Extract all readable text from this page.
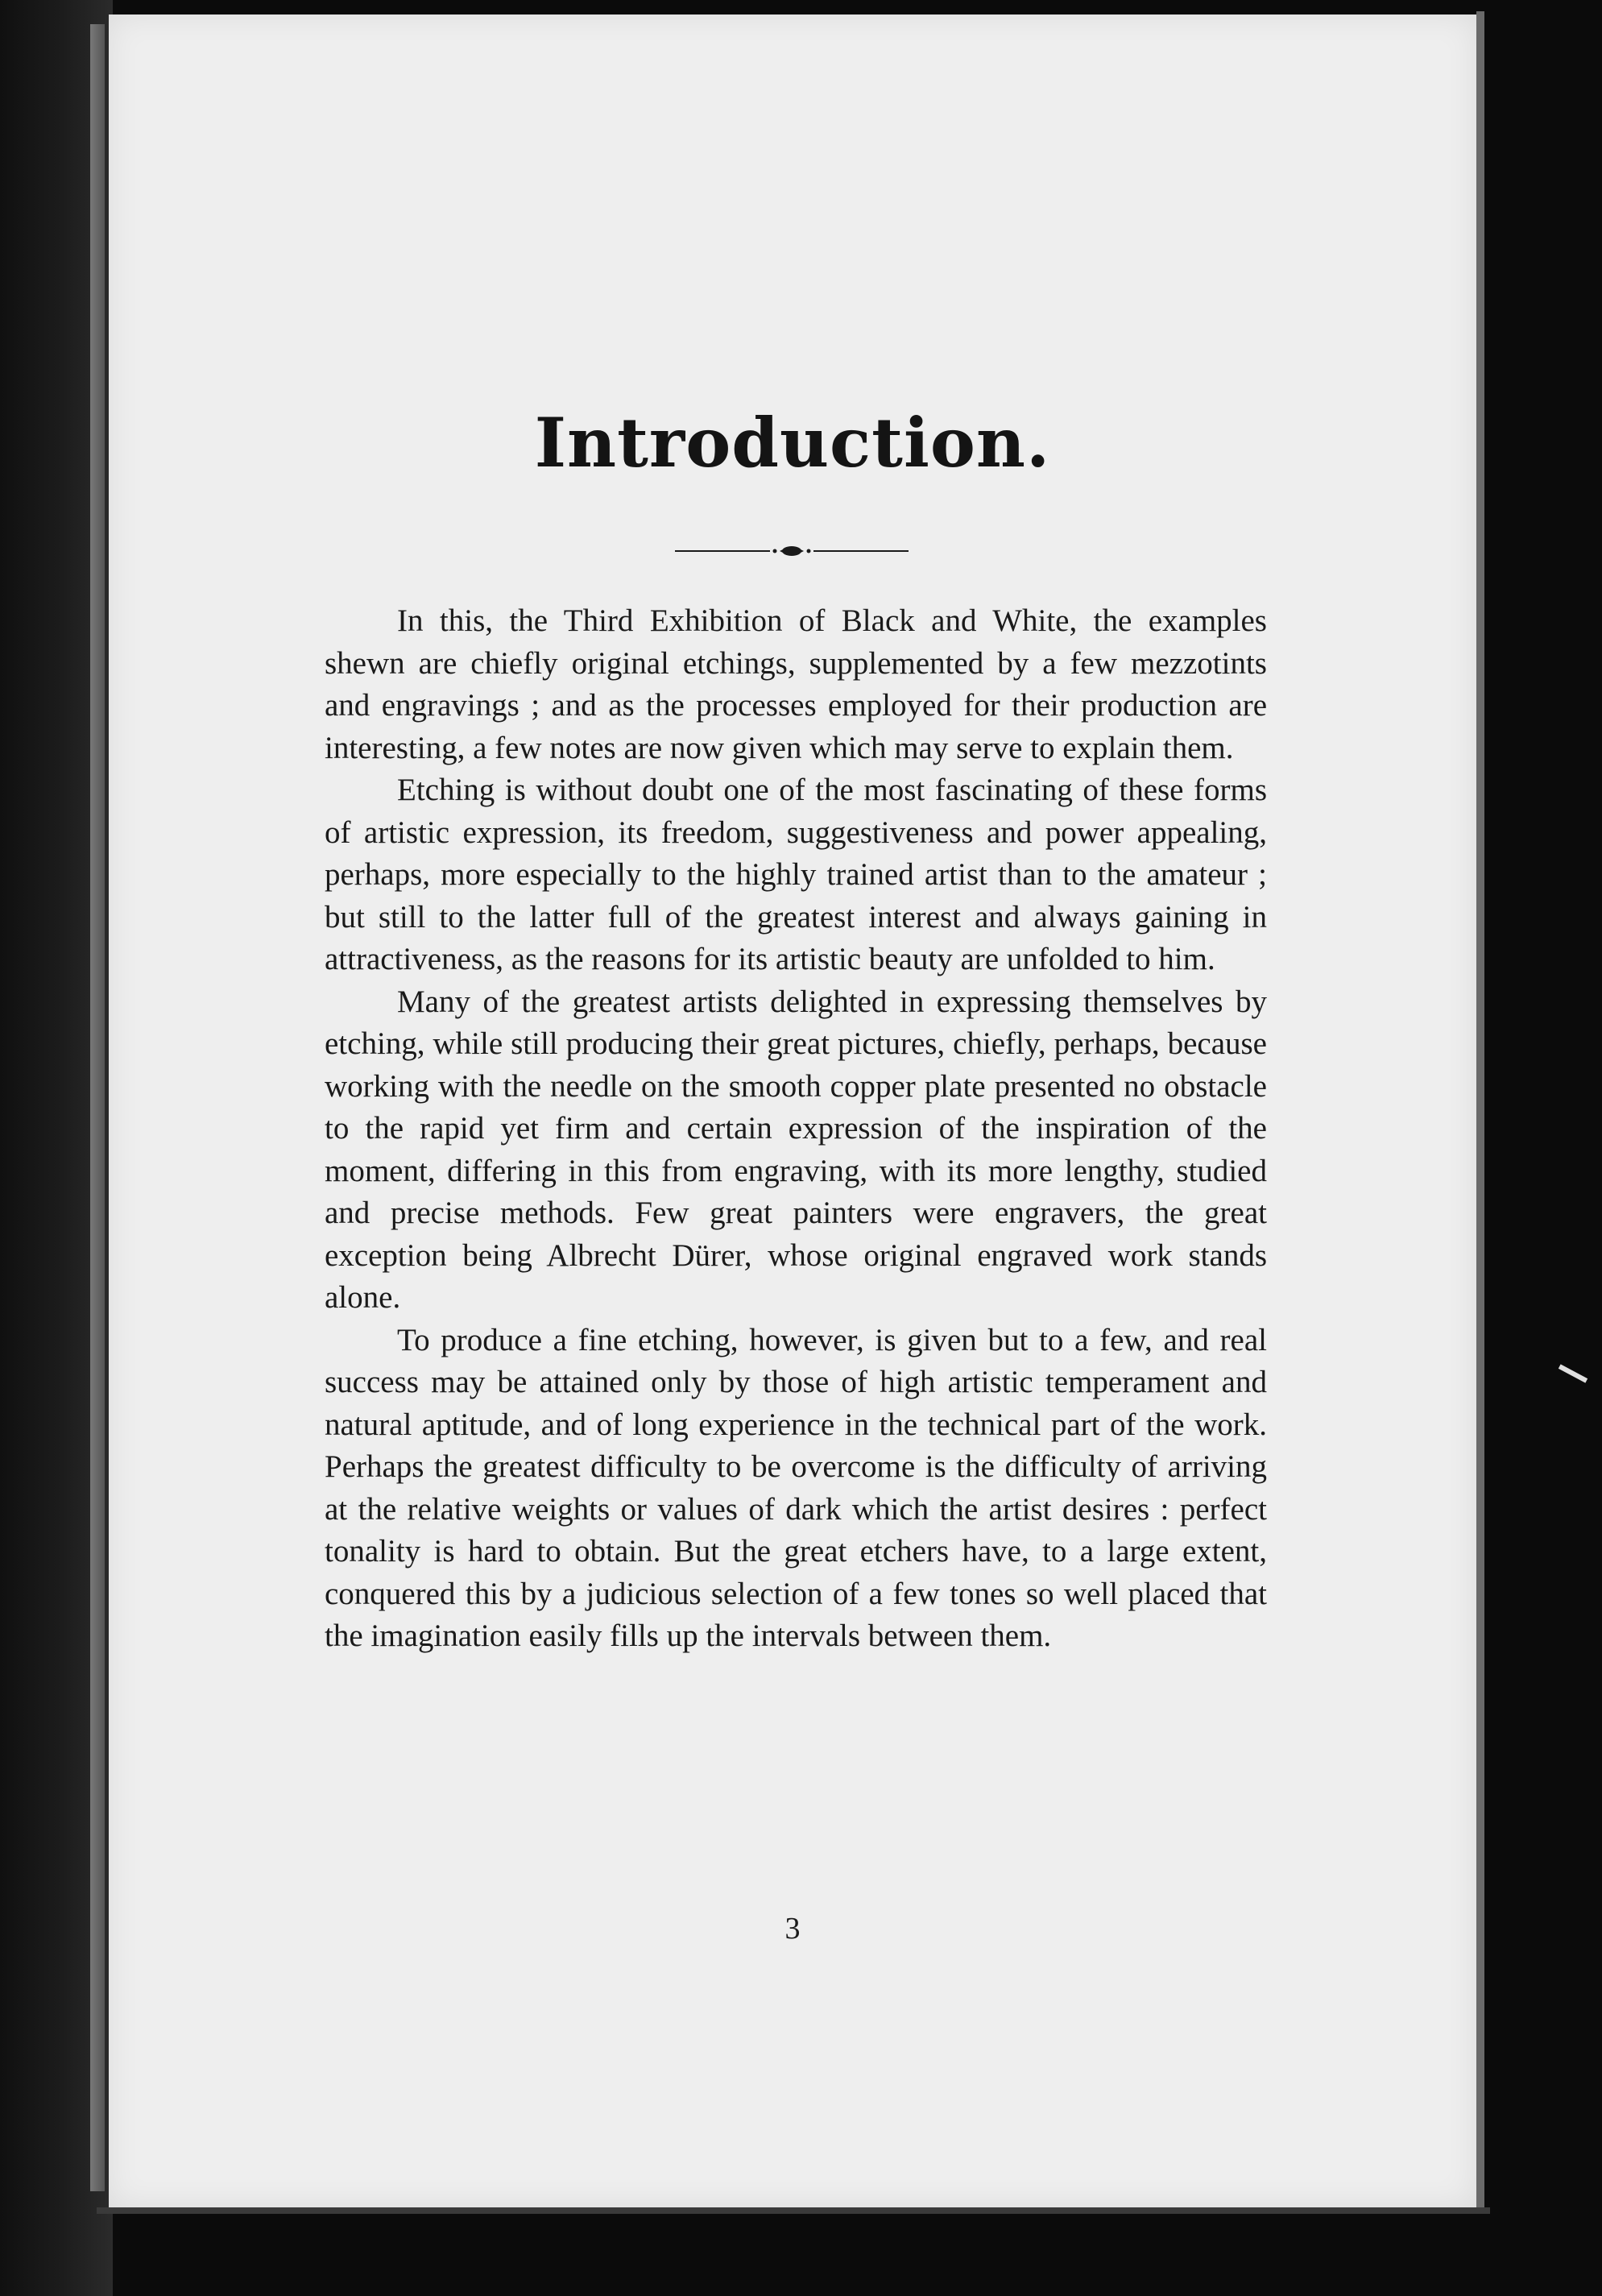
Introduction.

In this, the Third Exhibition of Black and White, the examples shewn are chiefly original etchings, supplemented by a few mezzotints and engravings ; and as the processes employed for their production are interesting, a few notes are now given which may serve to explain them.

Etching is without doubt one of the most fascinating of these forms of artistic expression, its freedom, suggestiveness and power appealing, perhaps, more especially to the highly trained artist than to the amateur ; but still to the latter full of the greatest interest and always gaining in attractiveness, as the reasons for its artistic beauty are unfolded to him.

Many of the greatest artists delighted in expressing themselves by etching, while still producing their great pictures, chiefly, perhaps, because working with the needle on the smooth copper plate presented no obstacle to the rapid yet firm and certain expression of the inspiration of the moment, differing in this from engraving, with its more lengthy, studied and precise methods. Few great painters were engravers, the great exception being Albrecht Dürer, whose original engraved work stands alone.

To produce a fine etching, however, is given but to a few, and real success may be attained only by those of high artistic temperament and natural aptitude, and of long experience in the technical part of the work. Perhaps the greatest difficulty to be overcome is the difficulty of arriving at the relative weights or values of dark which the artist desires : perfect tonality is hard to obtain. But the great etchers have, to a large extent, conquered this by a judicious selection of a few tones so well placed that the imagination easily fills up the intervals between them.

3
